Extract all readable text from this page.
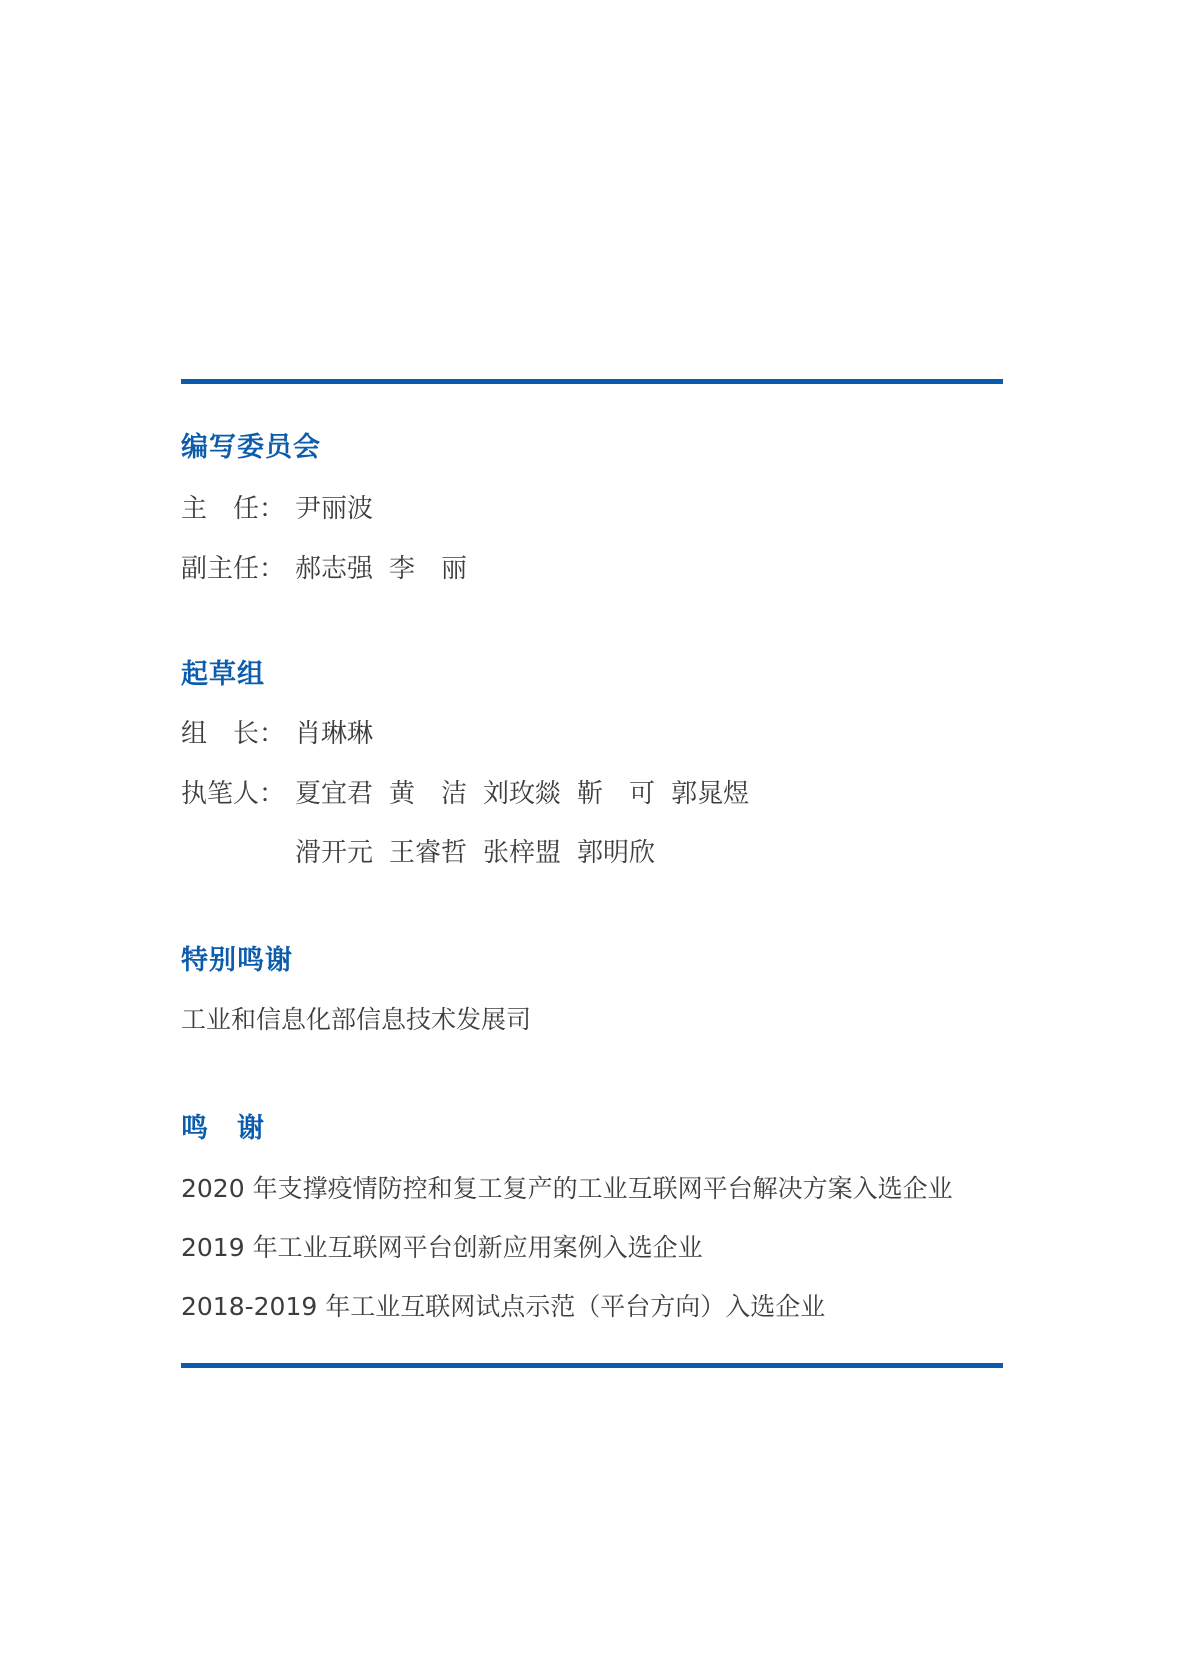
编写委员会
主　任： 尹丽波
副主任： 郝志强 李　丽
起草组
组　长： 肖琳琳
执笔人： 夏宜君 黄　洁 刘玫燚 靳　可 郭晁煜
滑开元 王睿哲 张梓盟 郭明欣
特别鸣谢
工业和信息化部信息技术发展司
鸣　谢
2020 年支撑疫情防控和复工复产的工业互联网平台解决方案入选企业
2019 年工业互联网平台创新应用案例入选企业
2018-2019 年工业互联网试点示范（平台方向）入选企业
